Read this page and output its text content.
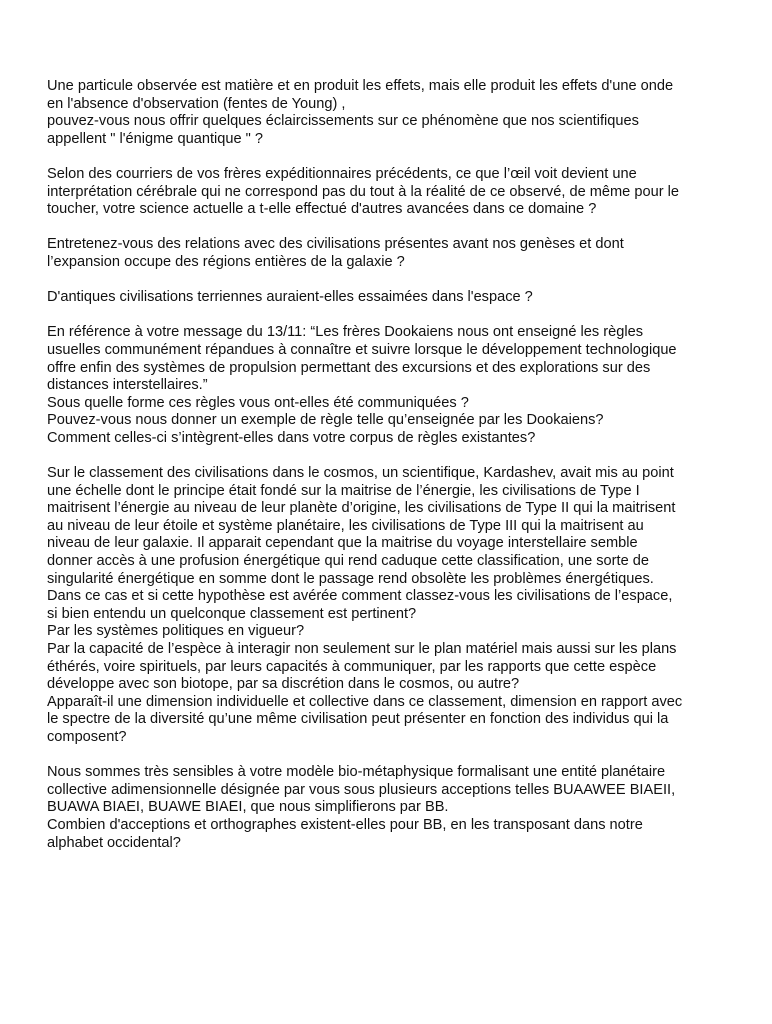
Une particule observée est matière et en produit les effets, mais elle produit les effets d'une onde
en l'absence d'observation (fentes de Young) ,
pouvez-vous nous offrir quelques éclaircissements sur ce phénomène que nos scientifiques
appellent " l'énigme quantique " ?
Selon des courriers de vos frères expéditionnaires précédents, ce que l’œil voit devient une
interprétation cérébrale qui ne correspond pas du tout à la réalité de ce observé, de même pour le
toucher, votre science actuelle a t-elle effectué d'autres avancées dans ce domaine ?
Entretenez-vous des relations avec des civilisations présentes avant nos genèses et dont
l’expansion occupe des régions entières de la galaxie ?
D'antiques civilisations terriennes auraient-elles essaimées dans l'espace ?
En référence à votre message du 13/11: “Les frères Dookaiens nous ont enseigné les règles
usuelles communément répandues à connaître et suivre lorsque le développement technologique
offre enfin des systèmes de propulsion permettant des excursions et des explorations sur des
distances interstellaires.”
Sous quelle forme ces règles vous ont-elles été communiquées ?
Pouvez-vous nous donner un exemple de règle telle qu’enseignée par les Dookaiens?
Comment celles-ci s’intègrent-elles dans votre corpus de règles existantes?
Sur le classement des civilisations dans le cosmos, un scientifique, Kardashev, avait mis au point
une échelle dont le principe était fondé sur la maitrise de l’énergie, les civilisations de Type I
maitrisent l’énergie au niveau de leur planète d’origine, les civilisations de Type II qui la maitrisent
au niveau de leur étoile et système planétaire, les civilisations de Type III qui la maitrisent au
niveau de leur galaxie. Il apparait cependant que la maitrise du voyage interstellaire semble
donner accès à une profusion énergétique qui rend caduque cette classification, une sorte de
singularité énergétique en somme dont le passage rend obsolète les problèmes énergétiques.
Dans ce cas et si cette hypothèse est avérée comment classez-vous les civilisations de l’espace,
si bien entendu un quelconque classement est pertinent?
Par les systèmes politiques en vigueur?
Par la capacité de l’espèce à interagir non seulement sur le plan matériel mais aussi sur les plans
éthérés, voire spirituels, par leurs capacités à communiquer, par les rapports que cette espèce
développe avec son biotope, par sa discrétion dans le cosmos, ou autre?
Apparaît-il une dimension individuelle et collective dans ce classement, dimension en rapport avec
le spectre de la diversité qu’une même civilisation peut présenter en fonction des individus qui la
composent?
Nous sommes très sensibles à votre modèle bio-métaphysique formalisant une entité planétaire
collective adimensionnelle désignée par vous sous plusieurs acceptions telles BUAAWEE BIAEII,
BUAWA BIAEI, BUAWE BIAEI, que nous simplifierons par BB.
Combien d'acceptions et orthographes existent-elles pour BB, en les transposant dans notre
alphabet occidental?
